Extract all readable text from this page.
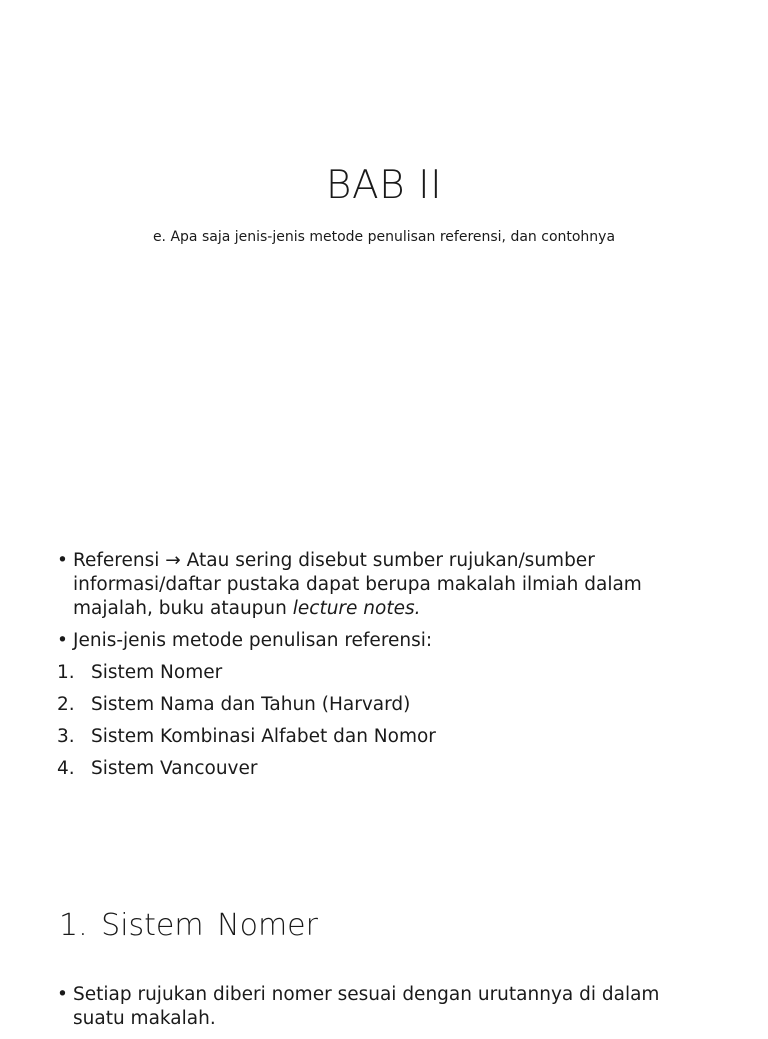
BAB II

e. Apa saja jenis-jenis metode penulisan referensi, dan contohnya

• Referensi → Atau sering disebut sumber rujukan/sumber informasi/daftar pustaka dapat berupa makalah ilmiah dalam majalah, buku ataupun lecture notes.
• Jenis-jenis metode penulisan referensi:
1. Sistem Nomer
2. Sistem Nama dan Tahun (Harvard)
3. Sistem Kombinasi Alfabet dan Nomor
4. Sistem Vancouver
1. Sistem Nomer
• Setiap rujukan diberi nomer sesuai dengan urutannya di dalam suatu makalah.
